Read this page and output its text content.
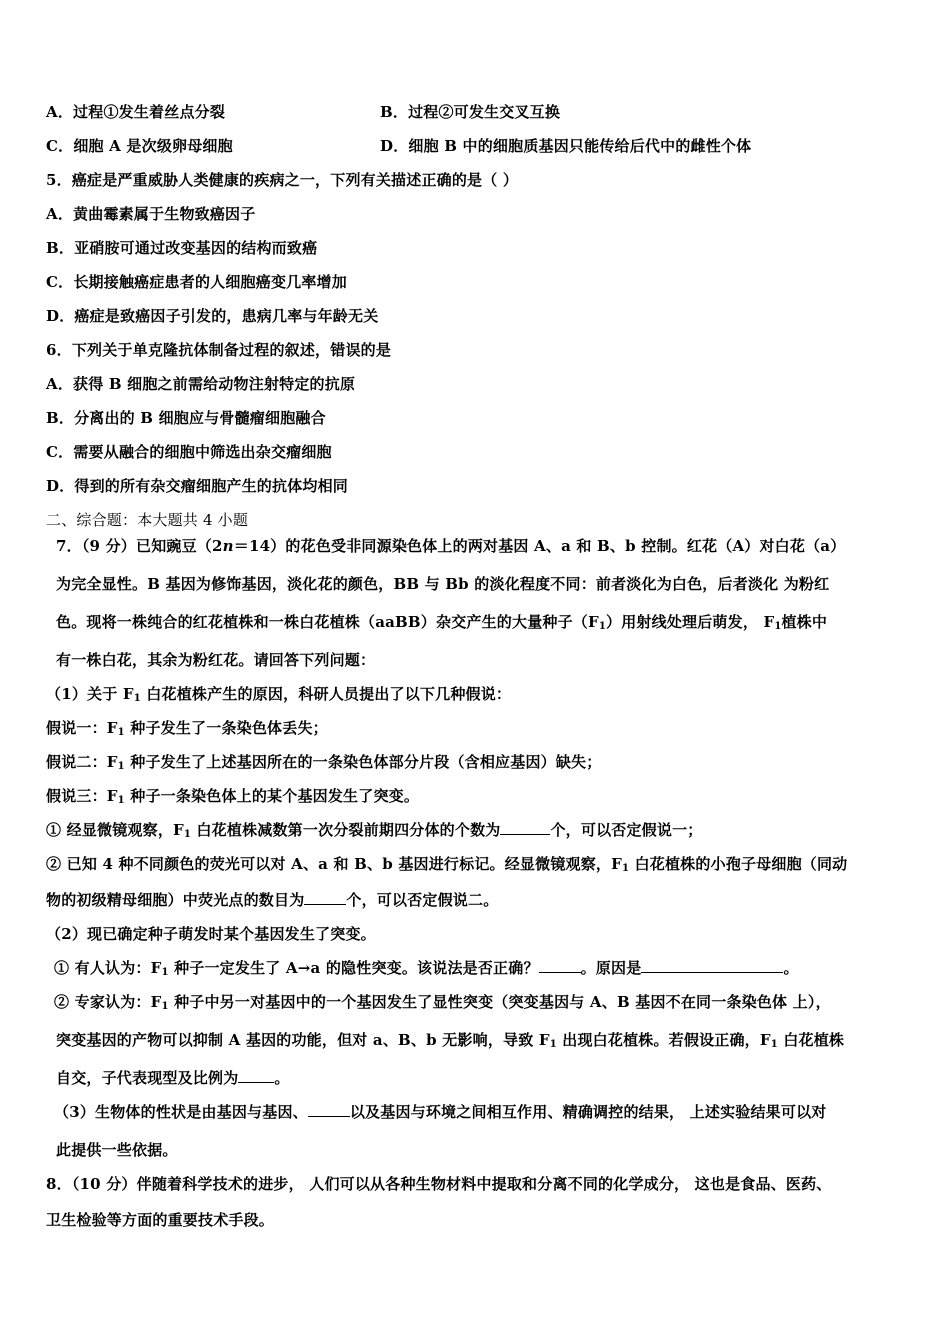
A．过程①发生着丝点分裂	B．过程②可发生交叉互换
C．细胞 A 是次级卵母细胞	D．细胞 B 中的细胞质基因只能传给后代中的雌性个体
5．癌症是严重威胁人类健康的疾病之一，下列有关描述正确的是（ ）
A．黄曲霉素属于生物致癌因子
B．亚硝胺可通过改变基因的结构而致癌
C．长期接触癌症患者的人细胞癌变几率增加
D．癌症是致癌因子引发的，患病几率与年龄无关
6．下列关于单克隆抗体制备过程的叙述，错误的是
A．获得 B 细胞之前需给动物注射特定的抗原
B．分离出的 B 细胞应与骨髓瘤细胞融合
C．需要从融合的细胞中筛选出杂交瘤细胞
D．得到的所有杂交瘤细胞产生的抗体均相同
二、综合题：本大题共 4 小题
7．（9 分）已知豌豆（2n＝14）的花色受非同源染色体上的两对基因 A、a 和 B、b 控制。红花（A）对白花（a）
为完全显性。B 基因为修饰基因，淡化花的颜色，BB 与 Bb 的淡化程度不同：前者淡化为白色，后者淡化 为粉红
色。现将一株纯合的红花植株和一株白花植株（aaBB）杂交产生的大量种子$(F_1)$用射线处理后萌发， $F_1$植株中
有一株白花，其余为粉红花。请回答下列问题：
（1）关于 $F_1$ 白花植株产生的原因，科研人员提出了以下几种假说：
假说一：$F_1$ 种子发生了一条染色体丢失；
假说二：$F_1$ 种子发生了上述基因所在的一条染色体部分片段（含相应基因）缺失；
假说三：$F_1$ 种子一条染色体上的某个基因发生了突变。
① 经显微镜观察，$F_1$ 白花植株减数第一次分裂前期四分体的个数为	个，可以否定假说一；
② 已知 4 种不同颜色的荧光可以对 A、a 和 B、b 基因进行标记。经显微镜观察，$F_1$ 白花植株的小孢子母细胞（同动
物的初级精母细胞）中荧光点的数目为	个，可以否定假说二。
（2）现已确定种子萌发时某个基因发生了突变。
① 有人认为：$F_1$ 种子一定发生了 A→a 的隐性突变。该说法是否正确？	。原因是	。
② 专家认为：$F_1$ 种子中另一对基因中的一个基因发生了显性突变（突变基因与 A、B 基因不在同一条染色体 上），
突变基因的产物可以抑制 A 基因的功能，但对 a、B、b 无影响，导致 $F_1$ 出现白花植株。若假设正确，$F_1$ 白花植株
自交，子代表现型及比例为 。
（3）生物体的性状是由基因与基因、	以及基因与环境之间相互作用、精确调控的结果， 上述实验结果可以对
此提供一些依据。
8．（10 分）伴随着科学技术的进步， 人们可以从各种生物材料中提取和分离不同的化学成分， 这也是食品、医药、
卫生检验等方面的重要技术手段。
